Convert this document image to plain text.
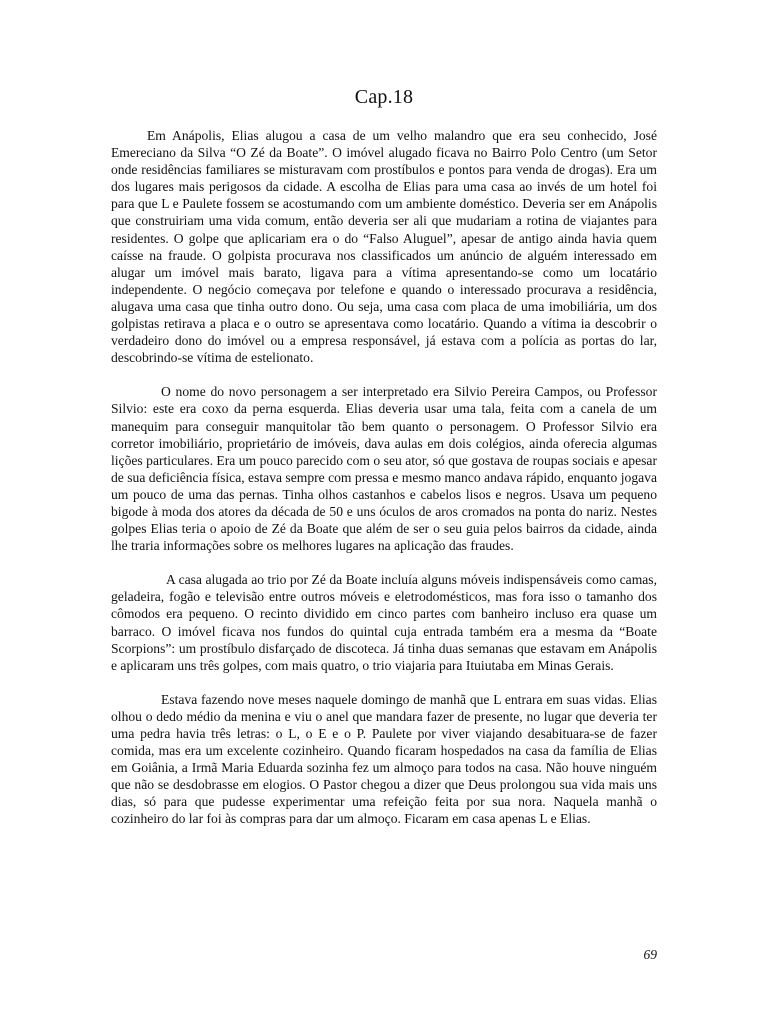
Cap.18

Em Anápolis, Elias alugou a casa de um velho malandro que era seu conhecido, José Emereciano da Silva “O Zé da Boate”. O imóvel alugado ficava no Bairro Polo Centro (um Setor onde residências familiares se misturavam com prostíbulos e pontos para venda de drogas). Era um dos lugares mais perigosos da cidade. A escolha de Elias para uma casa ao invés de um hotel foi para que L e Paulete fossem se acostumando com um ambiente doméstico. Deveria ser em Anápolis que construiriam uma vida comum, então deveria ser ali que mudariam a rotina de viajantes para residentes. O golpe que aplicariam era o do “Falso Aluguel”, apesar de antigo ainda havia quem caísse na fraude. O golpista procurava nos classificados um anúncio de alguém interessado em alugar um imóvel mais barato, ligava para a vítima apresentando-se como um locatário independente. O negócio começava por telefone e quando o interessado procurava a residência, alugava uma casa que tinha outro dono. Ou seja, uma casa com placa de uma imobiliária, um dos golpistas retirava a placa e o outro se apresentava como locatário. Quando a vítima ia descobrir o verdadeiro dono do imóvel ou a empresa responsável, já estava com a polícia as portas do lar, descobrindo-se vítima de estelionato.

O nome do novo personagem a ser interpretado era Silvio Pereira Campos, ou Professor Silvio: este era coxo da perna esquerda. Elias deveria usar uma tala, feita com a canela de um manequim para conseguir manquitolar tão bem quanto o personagem. O Professor Silvio era corretor imobiliário, proprietário de imóveis, dava aulas em dois colégios, ainda oferecia algumas lições particulares. Era um pouco parecido com o seu ator, só que gostava de roupas sociais e apesar de sua deficiência física, estava sempre com pressa e mesmo manco andava rápido, enquanto jogava um pouco de uma das pernas. Tinha olhos castanhos e cabelos lisos e negros. Usava um pequeno bigode à moda dos atores da década de 50 e uns óculos de aros cromados na ponta do nariz. Nestes golpes Elias teria o apoio de Zé da Boate que além de ser o seu guia pelos bairros da cidade, ainda lhe traria informações sobre os melhores lugares na aplicação das fraudes.

A casa alugada ao trio por Zé da Boate incluía alguns móveis indispensáveis como camas, geladeira, fogão e televisão entre outros móveis e eletrodomésticos, mas fora isso o tamanho dos cômodos era pequeno. O recinto dividido em cinco partes com banheiro incluso era quase um barraco. O imóvel ficava nos fundos do quintal cuja entrada também era a mesma da “Boate Scorpions”: um prostíbulo disfarçado de discoteca. Já tinha duas semanas que estavam em Anápolis e aplicaram uns três golpes, com mais quatro, o trio viajaria para Ituiutaba em Minas Gerais.

Estava fazendo nove meses naquele domingo de manhã que L entrara em suas vidas. Elias olhou o dedo médio da menina e viu o anel que mandara fazer de presente, no lugar que deveria ter uma pedra havia três letras: o L, o E e o P. Paulete por viver viajando desabituara-se de fazer comida, mas era um excelente cozinheiro. Quando ficaram hospedados na casa da família de Elias em Goiânia, a Irmã Maria Eduarda sozinha fez um almoço para todos na casa. Não houve ninguém que não se desdobrasse em elogios. O Pastor chegou a dizer que Deus prolongou sua vida mais uns dias, só para que pudesse experimentar uma refeição feita por sua nora. Naquela manhã o cozinheiro do lar foi às compras para dar um almoço. Ficaram em casa apenas L e Elias.

69
